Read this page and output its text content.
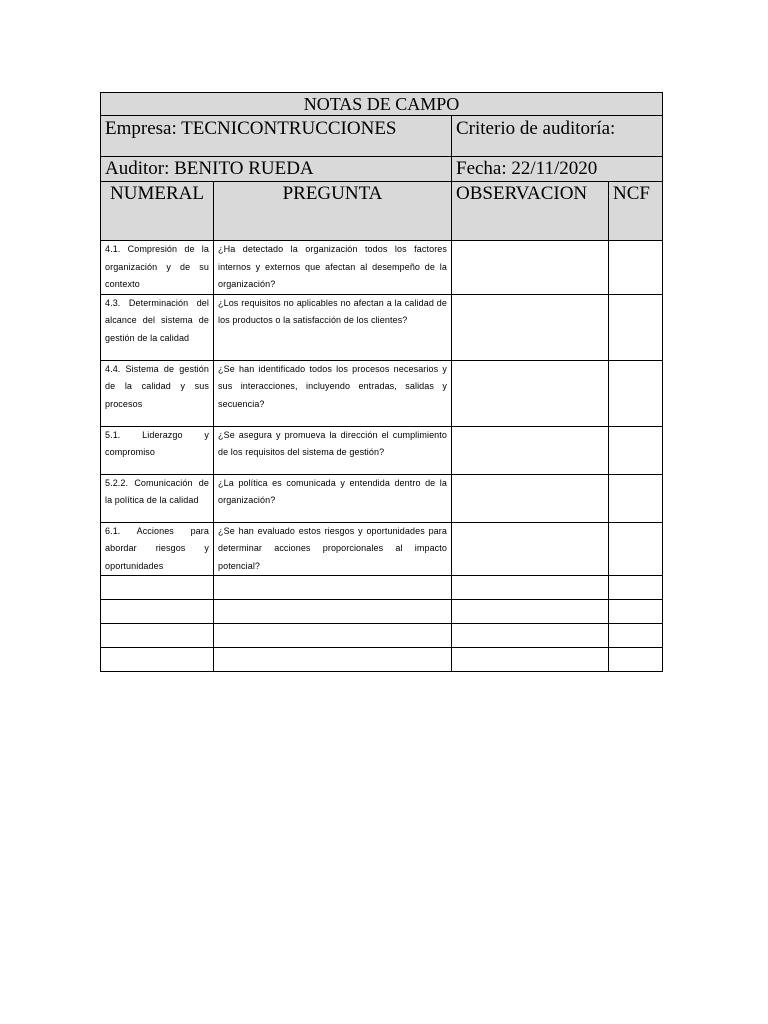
NOTAS DE CAMPO			
Empresa: TECNICONTRUCCIONES		Criterio de auditoría:	
Auditor: BENITO RUEDA		Fecha: 22/11/2020	
NUMERAL	PREGUNTA	OBSERVACION	NCF
4.1. Compresión de la organización y de su contexto	¿Ha detectado la organización todos los factores internos y externos que afectan al desempeño de la organización?		
4.3. Determinación del alcance del sistema de gestión de la calidad	¿Los requisitos no aplicables no afectan a la calidad de los productos o la satisfacción de los clientes?		
4.4. Sistema de gestión de la calidad y sus procesos	¿Se han identificado todos los procesos necesarios y sus interacciones, incluyendo entradas, salidas y secuencia?		
5.1. Liderazgo y compromiso	¿Se asegura y promueva la dirección el cumplimiento de los requisitos del sistema de gestión?		
5.2.2. Comunicación de la política de la calidad	¿La política es comunicada y entendida dentro de la organización?		
6.1. Acciones para abordar riesgos y oportunidades	¿Se han evaluado estos riesgos y oportunidades para determinar acciones proporcionales al impacto potencial?		
